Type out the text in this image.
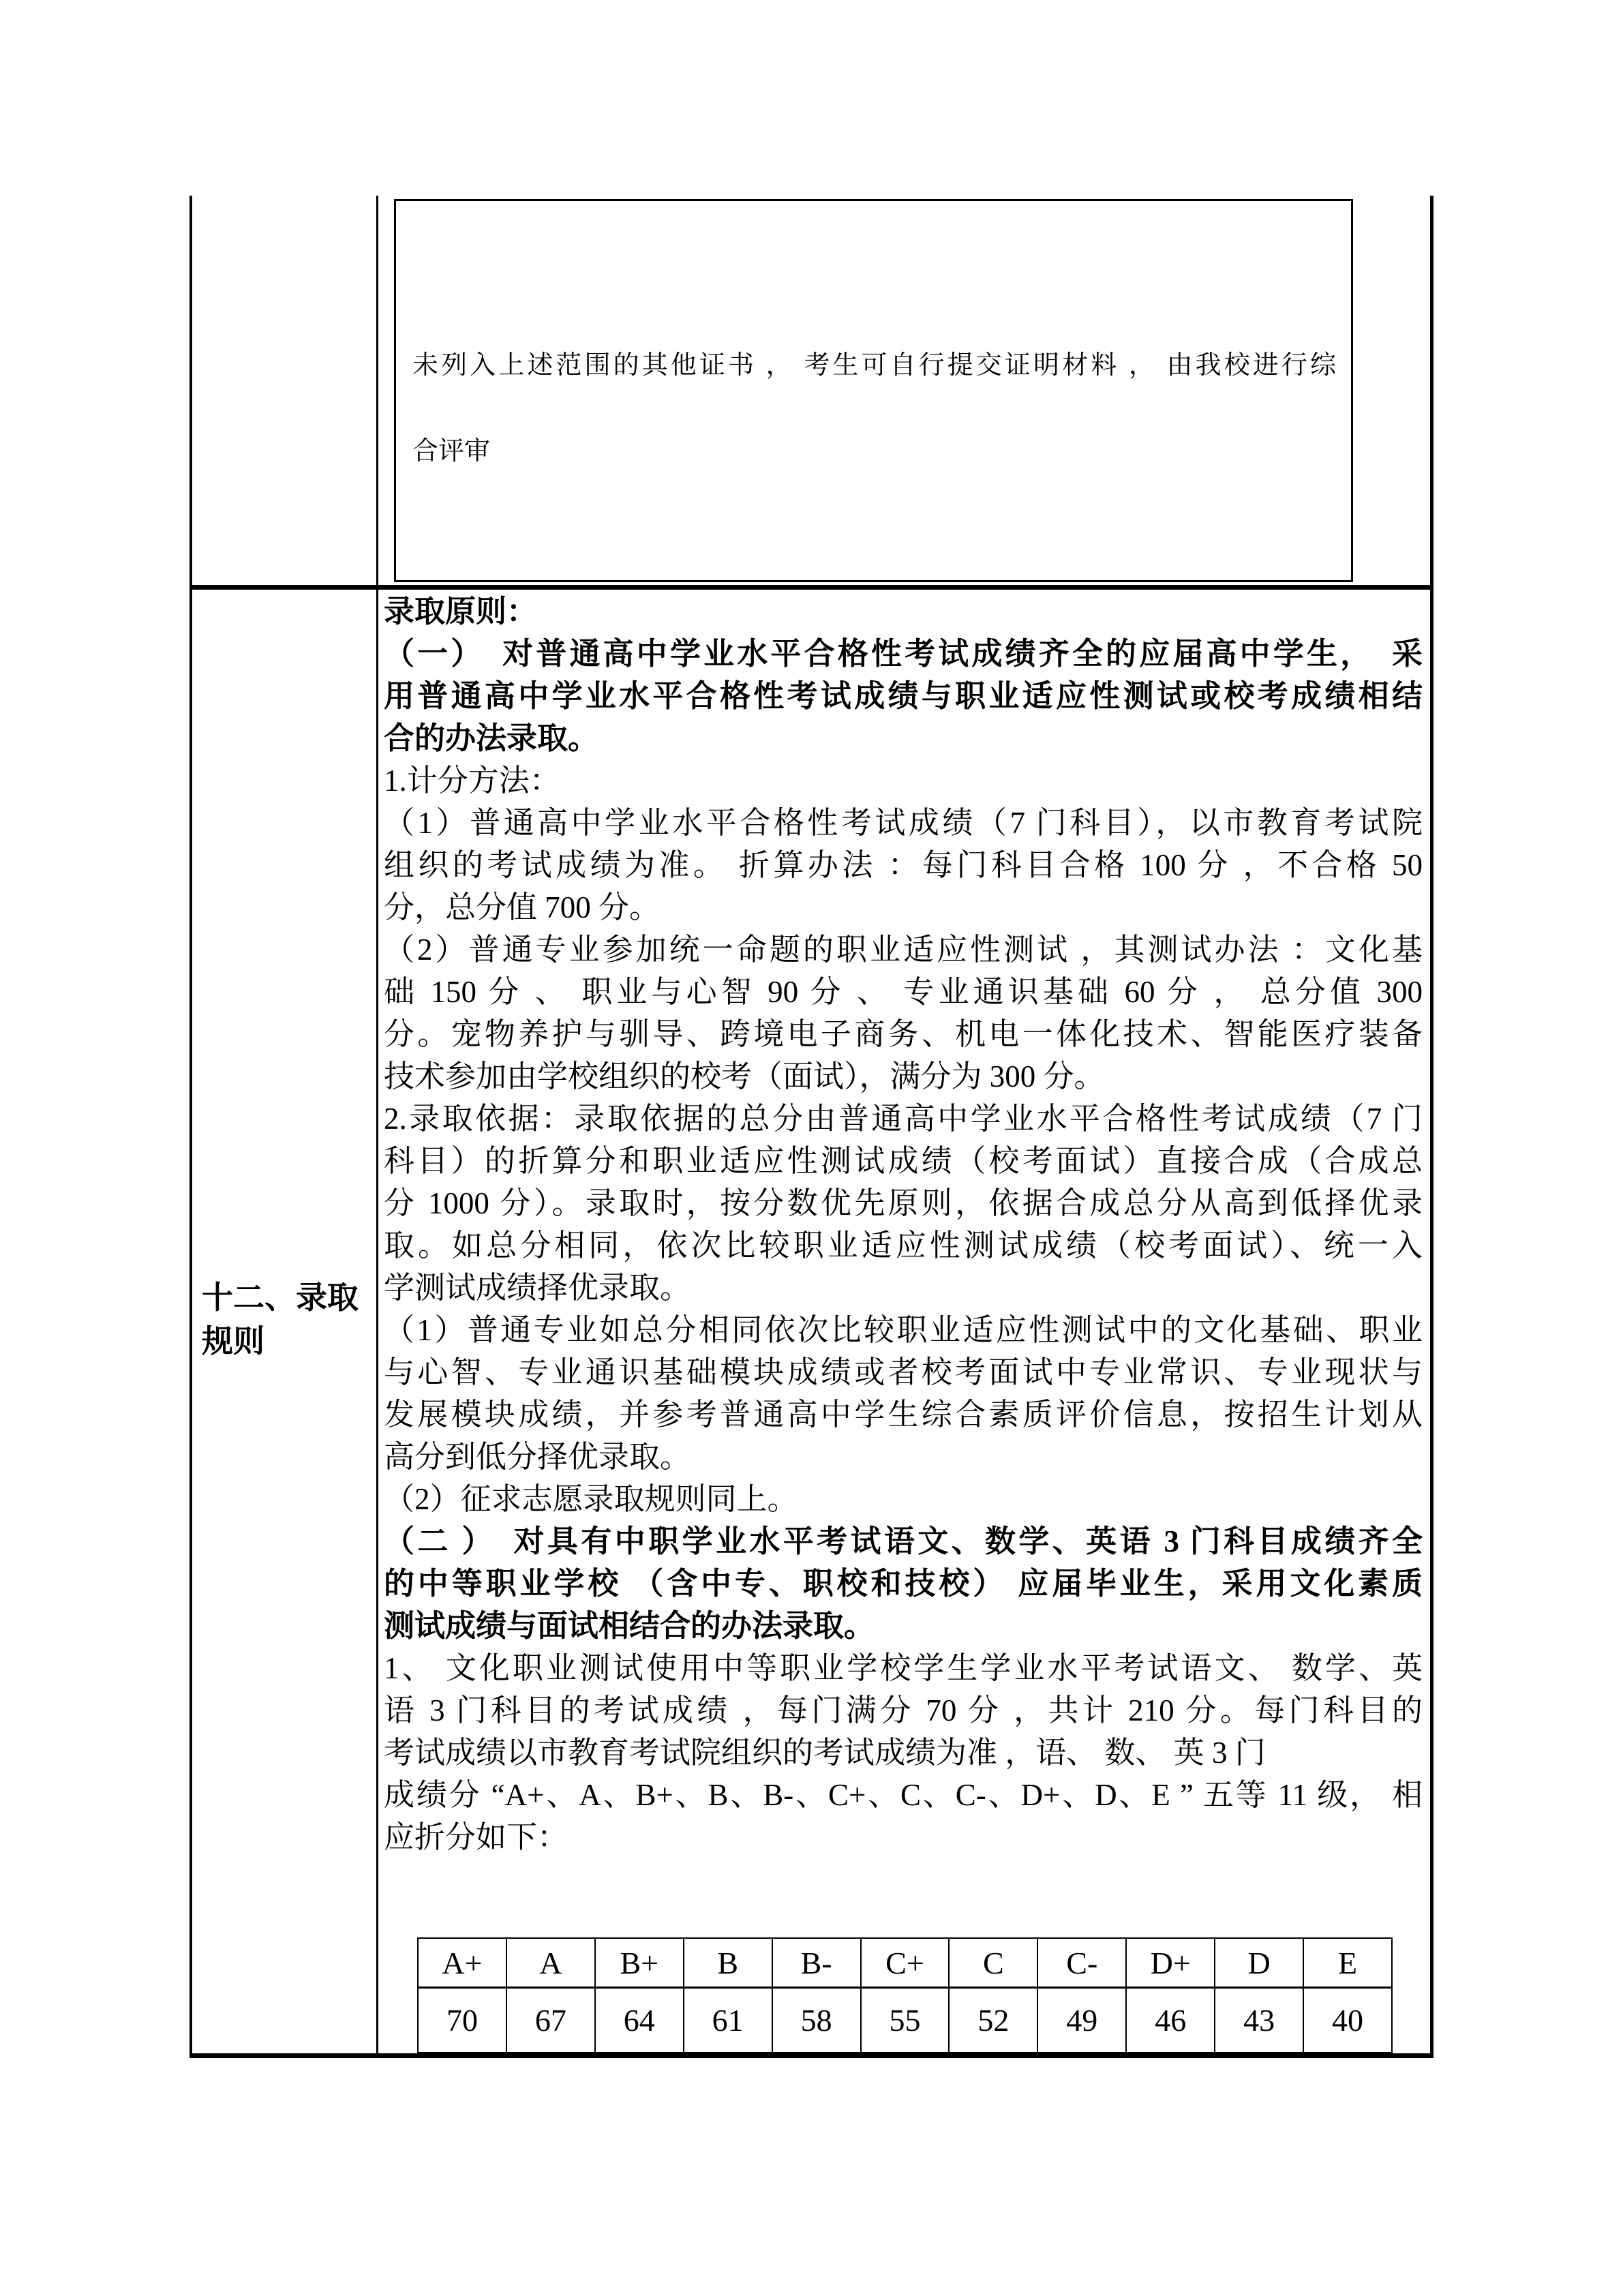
未列入上述范围的其他证书 ， 考生可自行提交证明材料 ， 由我校进行综
合评审
十二、录取规则
录取原则：
（一）　对普通高中学业水平合格性考试成绩齐全的应届高中学生，　采
用普通高中学业水平合格性考试成绩与职业适应性测试或校考成绩相结
合的办法录取。
1.计分方法：
（1）普通高中学业水平合格性考试成绩（7 门科目），以市教育考试院
组织的考试成绩为准。 折算办法 ：每门科目合格 100 分 ，不合格 50
分，总分值 700 分。
（2）普通专业参加统一命题的职业适应性测试 ，其测试办法 ：文化基
础 150 分 、 职业与心智 90 分 、 专业通识基础 60 分 ， 总分值 300
分。宠物养护与驯导、跨境电子商务、机电一体化技术、智能医疗装备
技术参加由学校组织的校考（面试），满分为 300 分。
2.录取依据：录取依据的总分由普通高中学业水平合格性考试成绩（7 门
科目）的折算分和职业适应性测试成绩（校考面试）直接合成（合成总
分 1000 分）。录取时，按分数优先原则，依据合成总分从高到低择优录
取。如总分相同，依次比较职业适应性测试成绩（校考面试）、统一入
学测试成绩择优录取。
（1）普通专业如总分相同依次比较职业适应性测试中的文化基础、职业
与心智、专业通识基础模块成绩或者校考面试中专业常识、专业现状与
发展模块成绩，并参考普通高中学生综合素质评价信息，按招生计划从
高分到低分择优录取。
（2）征求志愿录取规则同上。
（二 ）　对具有中职学业水平考试语文、数学、英语 3 门科目成绩齐全
的中等职业学校 （含中专、职校和技校） 应届毕业生，采用文化素质
测试成绩与面试相结合的办法录取。
1、 文化职业测试使用中等职业学校学生学业水平考试语文、 数学、英
语 3 门科目的考试成绩 ，每门满分 70 分 ，共计 210 分。每门科目的
考试成绩以市教育考试院组织的考试成绩为准 ，语、 数、 英 3 门
成绩分 “A+、A、B+、B、B-、C+、C、C-、D+、D、E ” 五等 11 级， 相
应折分如下：
A+	A	B+	B	B-	C+	C	C-	D+	D	E
70	67	64	61	58	55	52	49	46	43	40
